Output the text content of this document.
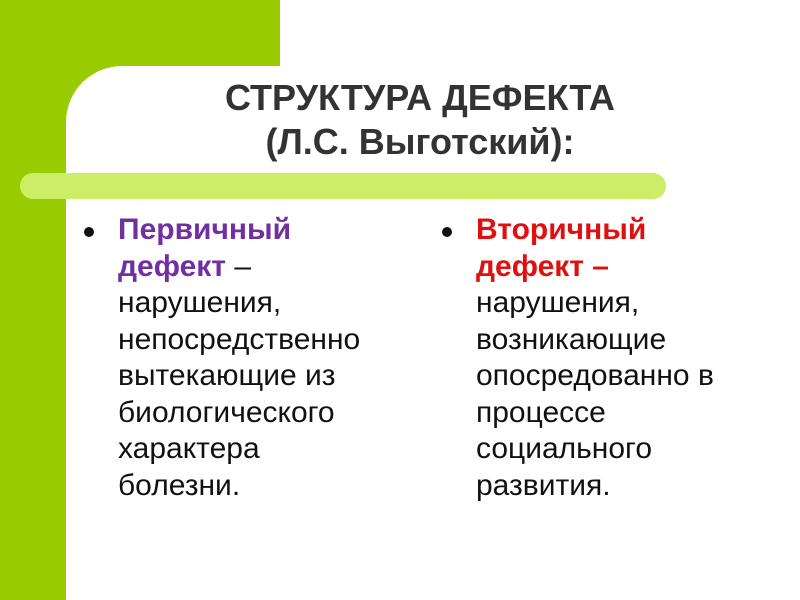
СТРУКТУРА ДЕФЕКТА
(Л.С. Выготский):
Первичный
дефект –
нарушения,
непосредственно
вытекающие из
биологического
характера
болезни.
Вторичный
дефект –
нарушения,
возникающие
опосредованно в
процессе
социального
развития.
